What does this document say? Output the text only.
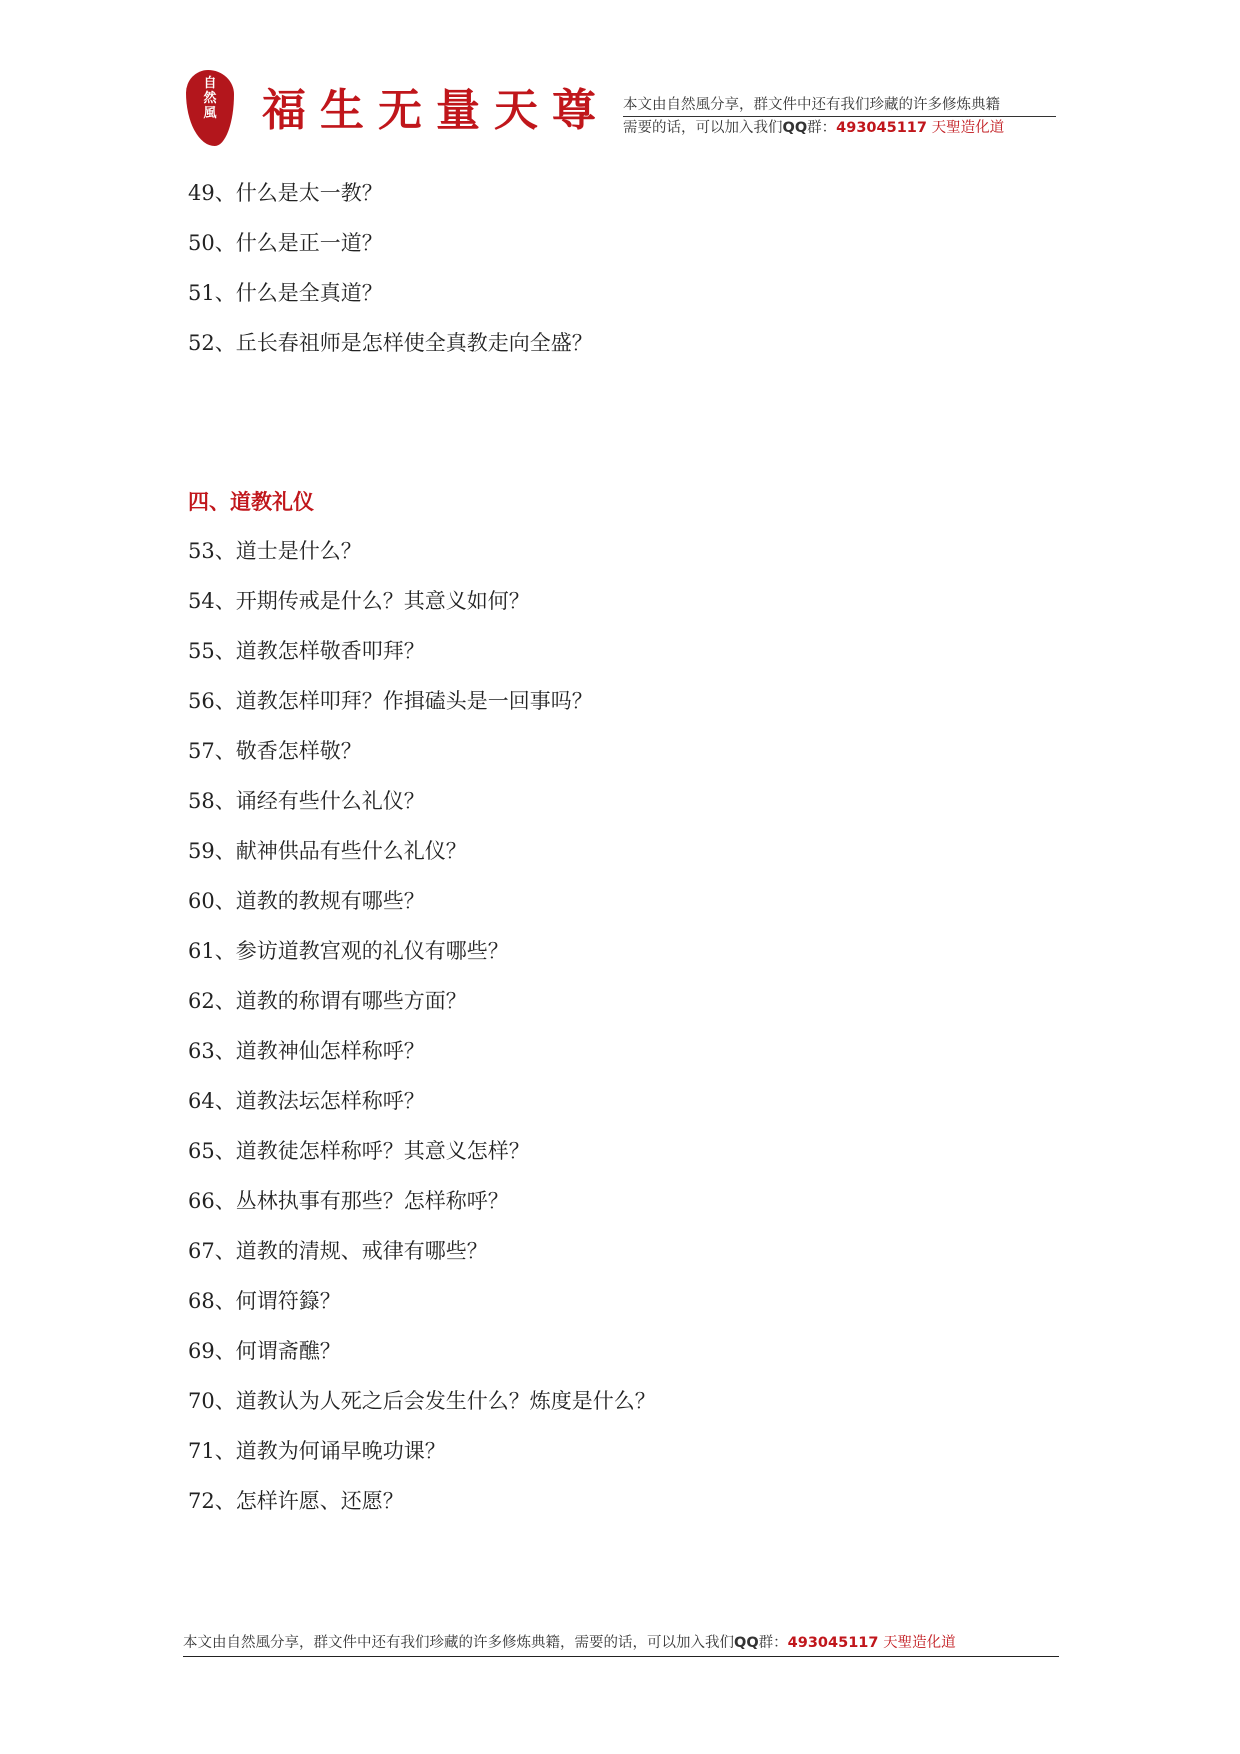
自
然
風	福生无量天尊 本文由自然風分享，群文件中还有我们珍藏的许多修炼典籍
需要的话，可以加入我们QQ群：493045117 天聖造化道
49、什么是太一教？
50、什么是正一道？
51、什么是全真道？
52、丘长春祖师是怎样使全真教走向全盛？
四、道教礼仪
53、道士是什么？
54、开期传戒是什么？其意义如何？
55、道教怎样敬香叩拜？
56、道教怎样叩拜？作揖磕头是一回事吗？
57、敬香怎样敬？
58、诵经有些什么礼仪？
59、献神供品有些什么礼仪？
60、道教的教规有哪些？
61、参访道教宫观的礼仪有哪些？
62、道教的称谓有哪些方面？
63、道教神仙怎样称呼？
64、道教法坛怎样称呼？
65、道教徒怎样称呼？其意义怎样？
66、丛林执事有那些？怎样称呼？
67、道教的清规、戒律有哪些？
68、何谓符籙？
69、何谓斋醮？
70、道教认为人死之后会发生什么？炼度是什么？
71、道教为何诵早晚功课？
72、怎样许愿、还愿？
本文由自然風分享，群文件中还有我们珍藏的许多修炼典籍，需要的话，可以加入我们QQ群：493045117 天聖造化道
